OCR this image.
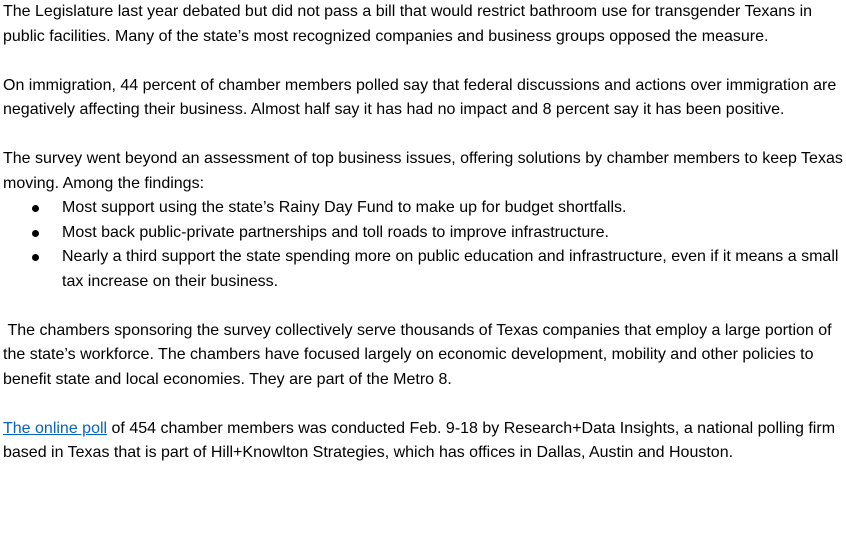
The Legislature last year debated but did not pass a bill that would restrict bathroom use for transgender Texans in public facilities. Many of the state’s most recognized companies and business groups opposed the measure.

On immigration, 44 percent of chamber members polled say that federal discussions and actions over immigration are negatively affecting their business. Almost half say it has had no impact and 8 percent say it has been positive.

The survey went beyond an assessment of top business issues, offering solutions by chamber members to keep Texas moving. Among the findings:

Most support using the state’s Rainy Day Fund to make up for budget shortfalls.
Most back public-private partnerships and toll roads to improve infrastructure.
Nearly a third support the state spending more on public education and infrastructure, even if it means a small tax increase on their business.

The chambers sponsoring the survey collectively serve thousands of Texas companies that employ a large portion of the state’s workforce. The chambers have focused largely on economic development, mobility and other policies to benefit state and local economies. They are part of the Metro 8.

The online poll of 454 chamber members was conducted Feb. 9-18 by Research+Data Insights, a national polling firm based in Texas that is part of Hill+Knowlton Strategies, which has offices in Dallas, Austin and Houston.
